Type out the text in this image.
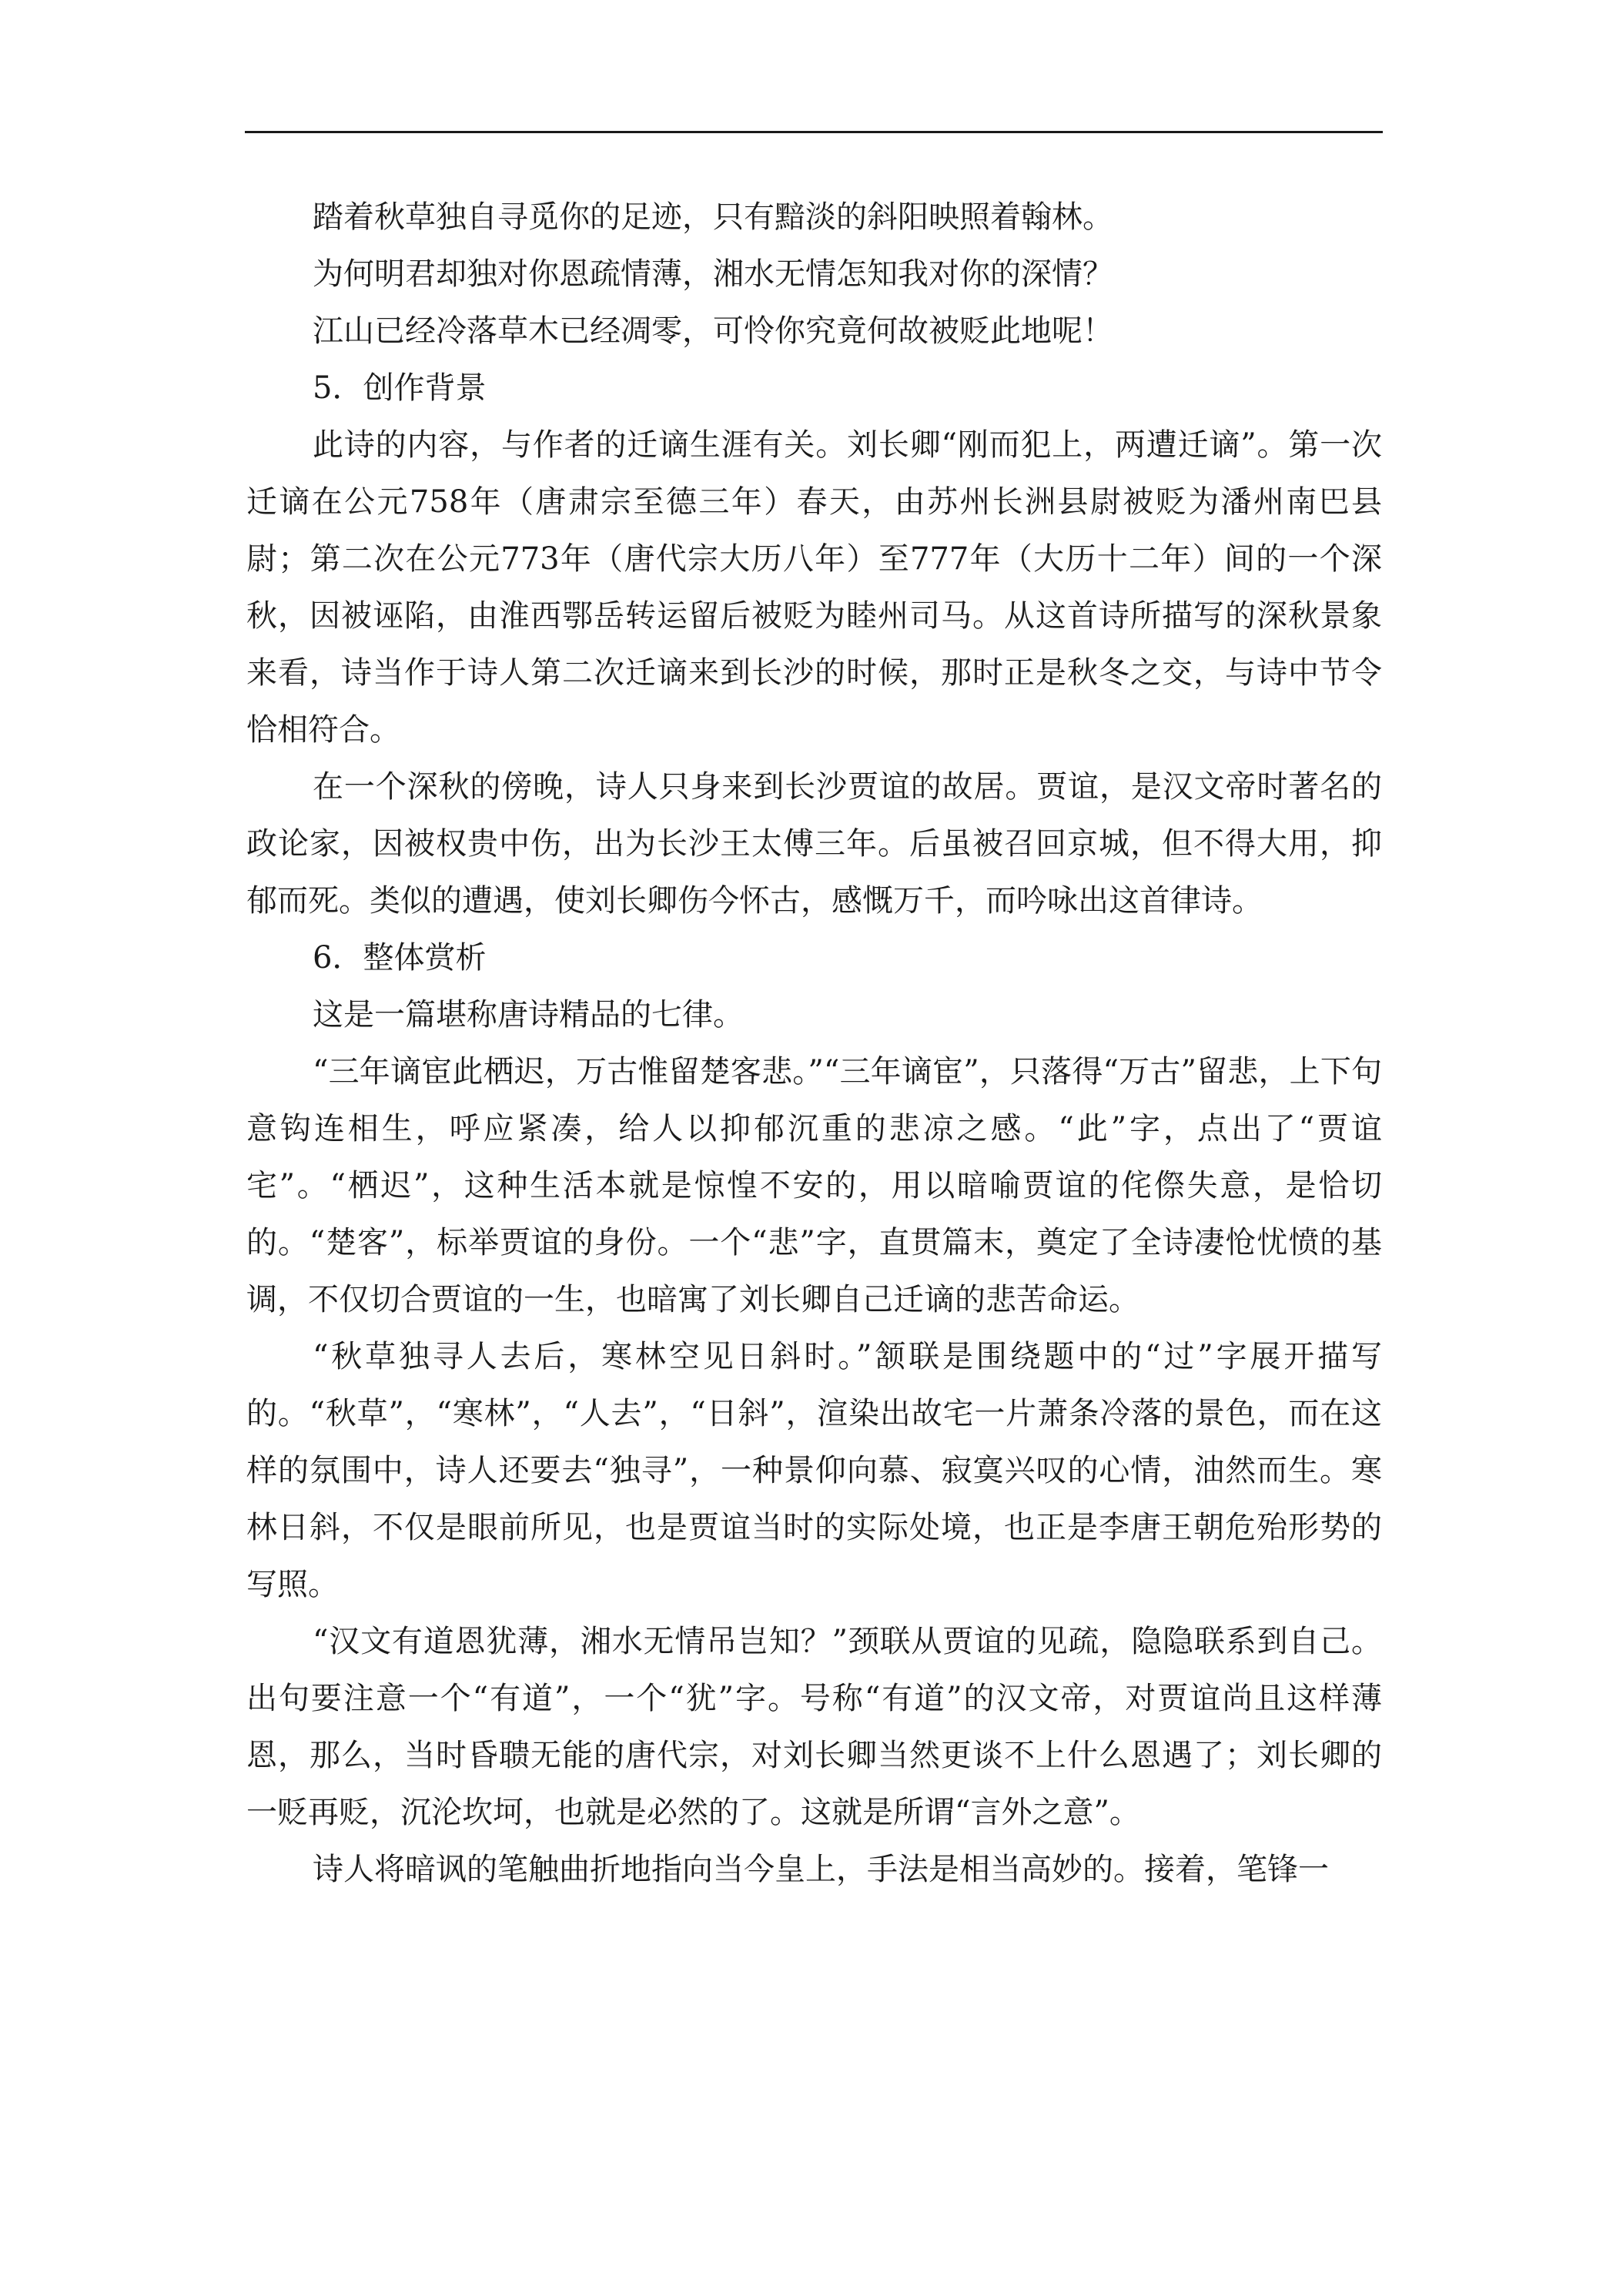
踏着秋草独自寻觅你的足迹，只有黯淡的斜阳映照着翰林。

为何明君却独对你恩疏情薄，湘水无情怎知我对你的深情？

江山已经冷落草木已经凋零，可怜你究竟何故被贬此地呢！

5．创作背景

此诗的内容，与作者的迁谪生涯有关。刘长卿“刚而犯上，两遭迁谪”。第一次迁谪在公元758年（唐肃宗至德三年）春天，由苏州长洲县尉被贬为潘州南巴县尉；第二次在公元773年（唐代宗大历八年）至777年（大历十二年）间的一个深秋，因被诬陷，由淮西鄂岳转运留后被贬为睦州司马。从这首诗所描写的深秋景象来看，诗当作于诗人第二次迁谪来到长沙的时候，那时正是秋冬之交，与诗中节令恰相符合。

在一个深秋的傍晚，诗人只身来到长沙贾谊的故居。贾谊，是汉文帝时著名的政论家，因被权贵中伤，出为长沙王太傅三年。后虽被召回京城，但不得大用，抑郁而死。类似的遭遇，使刘长卿伤今怀古，感慨万千，而吟咏出这首律诗。

6．整体赏析

这是一篇堪称唐诗精品的七律。

“三年谪宦此栖迟，万古惟留楚客悲。”“三年谪宦”，只落得“万古”留悲，上下句意钩连相生，呼应紧凑，给人以抑郁沉重的悲凉之感。“此”字，点出了“贾谊宅”。“栖迟”，这种生活本就是惊惶不安的，用以暗喻贾谊的侘傺失意，是恰切的。“楚客”，标举贾谊的身份。一个“悲”字，直贯篇末，奠定了全诗凄怆忧愤的基调，不仅切合贾谊的一生，也暗寓了刘长卿自己迁谪的悲苦命运。

“秋草独寻人去后，寒林空见日斜时。”颔联是围绕题中的“过”字展开描写的。“秋草”，“寒林”，“人去”，“日斜”，渲染出故宅一片萧条冷落的景色，而在这样的氛围中，诗人还要去“独寻”，一种景仰向慕、寂寞兴叹的心情，油然而生。寒林日斜，不仅是眼前所见，也是贾谊当时的实际处境，也正是李唐王朝危殆形势的写照。

“汉文有道恩犹薄，湘水无情吊岂知？”颈联从贾谊的见疏，隐隐联系到自己。出句要注意一个“有道”，一个“犹”字。号称“有道”的汉文帝，对贾谊尚且这样薄恩，那么，当时昏聩无能的唐代宗，对刘长卿当然更谈不上什么恩遇了；刘长卿的一贬再贬，沉沦坎坷，也就是必然的了。这就是所谓“言外之意”。

诗人将暗讽的笔触曲折地指向当今皇上，手法是相当高妙的。接着，笔锋一
